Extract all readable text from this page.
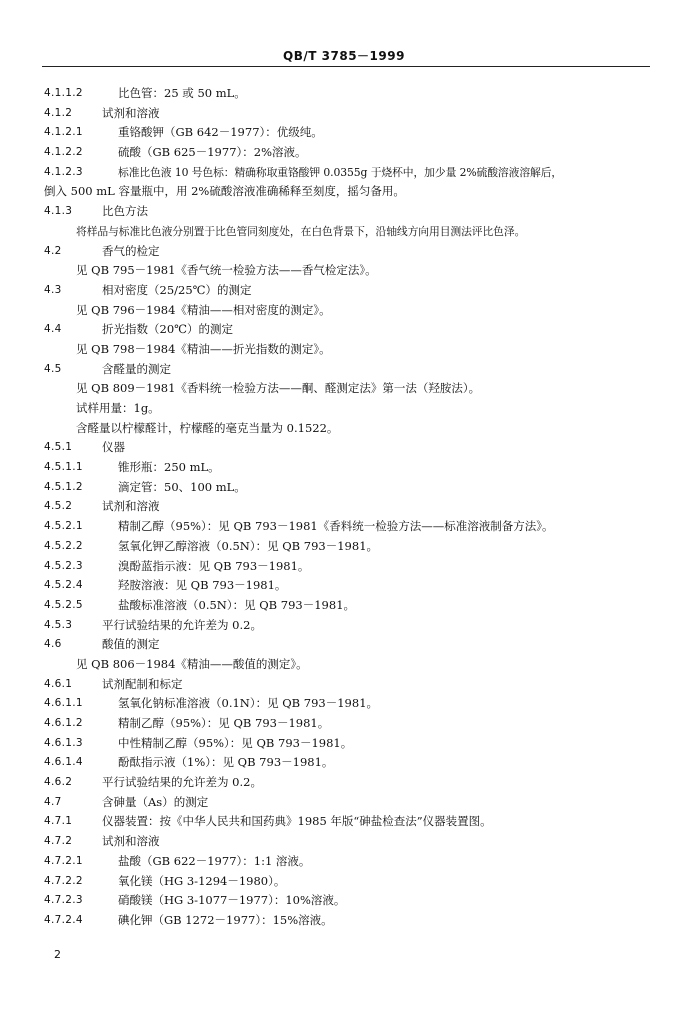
QB/T 3785－1999
4.1.1.2	比色管：25 或 50 mL。
4.1.2	试剂和溶液
4.1.2.1	重铬酸钾（GB 642－1977）：优级纯。
4.1.2.2	硫酸（GB 625－1977）：2%溶液。
4.1.2.3	标准比色液 10 号色标：精确称取重铬酸钾 0.0355g 于烧杯中，加少量 2%硫酸溶液溶解后，
倒入 500 mL 容量瓶中，用 2%硫酸溶液准确稀释至刻度，摇匀备用。
4.1.3	比色方法
将样品与标准比色液分别置于比色管同刻度处，在白色背景下，沿轴线方向用目测法评比色泽。
4.2	香气的检定
见 QB 795－1981《香气统一检验方法——香气检定法》。
4.3	相对密度（25/25℃）的测定
见 QB 796－1984《精油——相对密度的测定》。
4.4	折光指数（20℃）的测定
见 QB 798－1984《精油——折光指数的测定》。
4.5	含醛量的测定
见 QB 809－1981《香料统一检验方法——酮、醛测定法》第一法（羟胺法）。
试样用量：1g。
含醛量以柠檬醛计，柠檬醛的毫克当量为 0.1522。
4.5.1	仪器
4.5.1.1	锥形瓶：250 mL。
4.5.1.2	滴定管：50、100 mL。
4.5.2	试剂和溶液
4.5.2.1	精制乙醇（95%）：见 QB 793－1981《香料统一检验方法——标准溶液制备方法》。
4.5.2.2	氢氧化钾乙醇溶液（0.5N）：见 QB 793－1981。
4.5.2.3	溴酚蓝指示液：见 QB 793－1981。
4.5.2.4	羟胺溶液：见 QB 793－1981。
4.5.2.5	盐酸标准溶液（0.5N）：见 QB 793－1981。
4.5.3	平行试验结果的允许差为 0.2。
4.6	酸值的测定
见 QB 806－1984《精油——酸值的测定》。
4.6.1	试剂配制和标定
4.6.1.1	氢氧化钠标准溶液（0.1N）：见 QB 793－1981。
4.6.1.2	精制乙醇（95%）：见 QB 793－1981。
4.6.1.3	中性精制乙醇（95%）：见 QB 793－1981。
4.6.1.4	酚酞指示液（1%）：见 QB 793－1981。
4.6.2	平行试验结果的允许差为 0.2。
4.7	含砷量（As）的测定
4.7.1	仪器装置：按《中华人民共和国药典》1985 年版“砷盐检查法”仪器装置图。
4.7.2	试剂和溶液
4.7.2.1	盐酸（GB 622－1977）：1:1 溶液。
4.7.2.2	氧化镁（HG 3-1294－1980）。
4.7.2.3	硝酸镁（HG 3-1077－1977）：10%溶液。
4.7.2.4	碘化钾（GB 1272－1977）：15%溶液。
2
